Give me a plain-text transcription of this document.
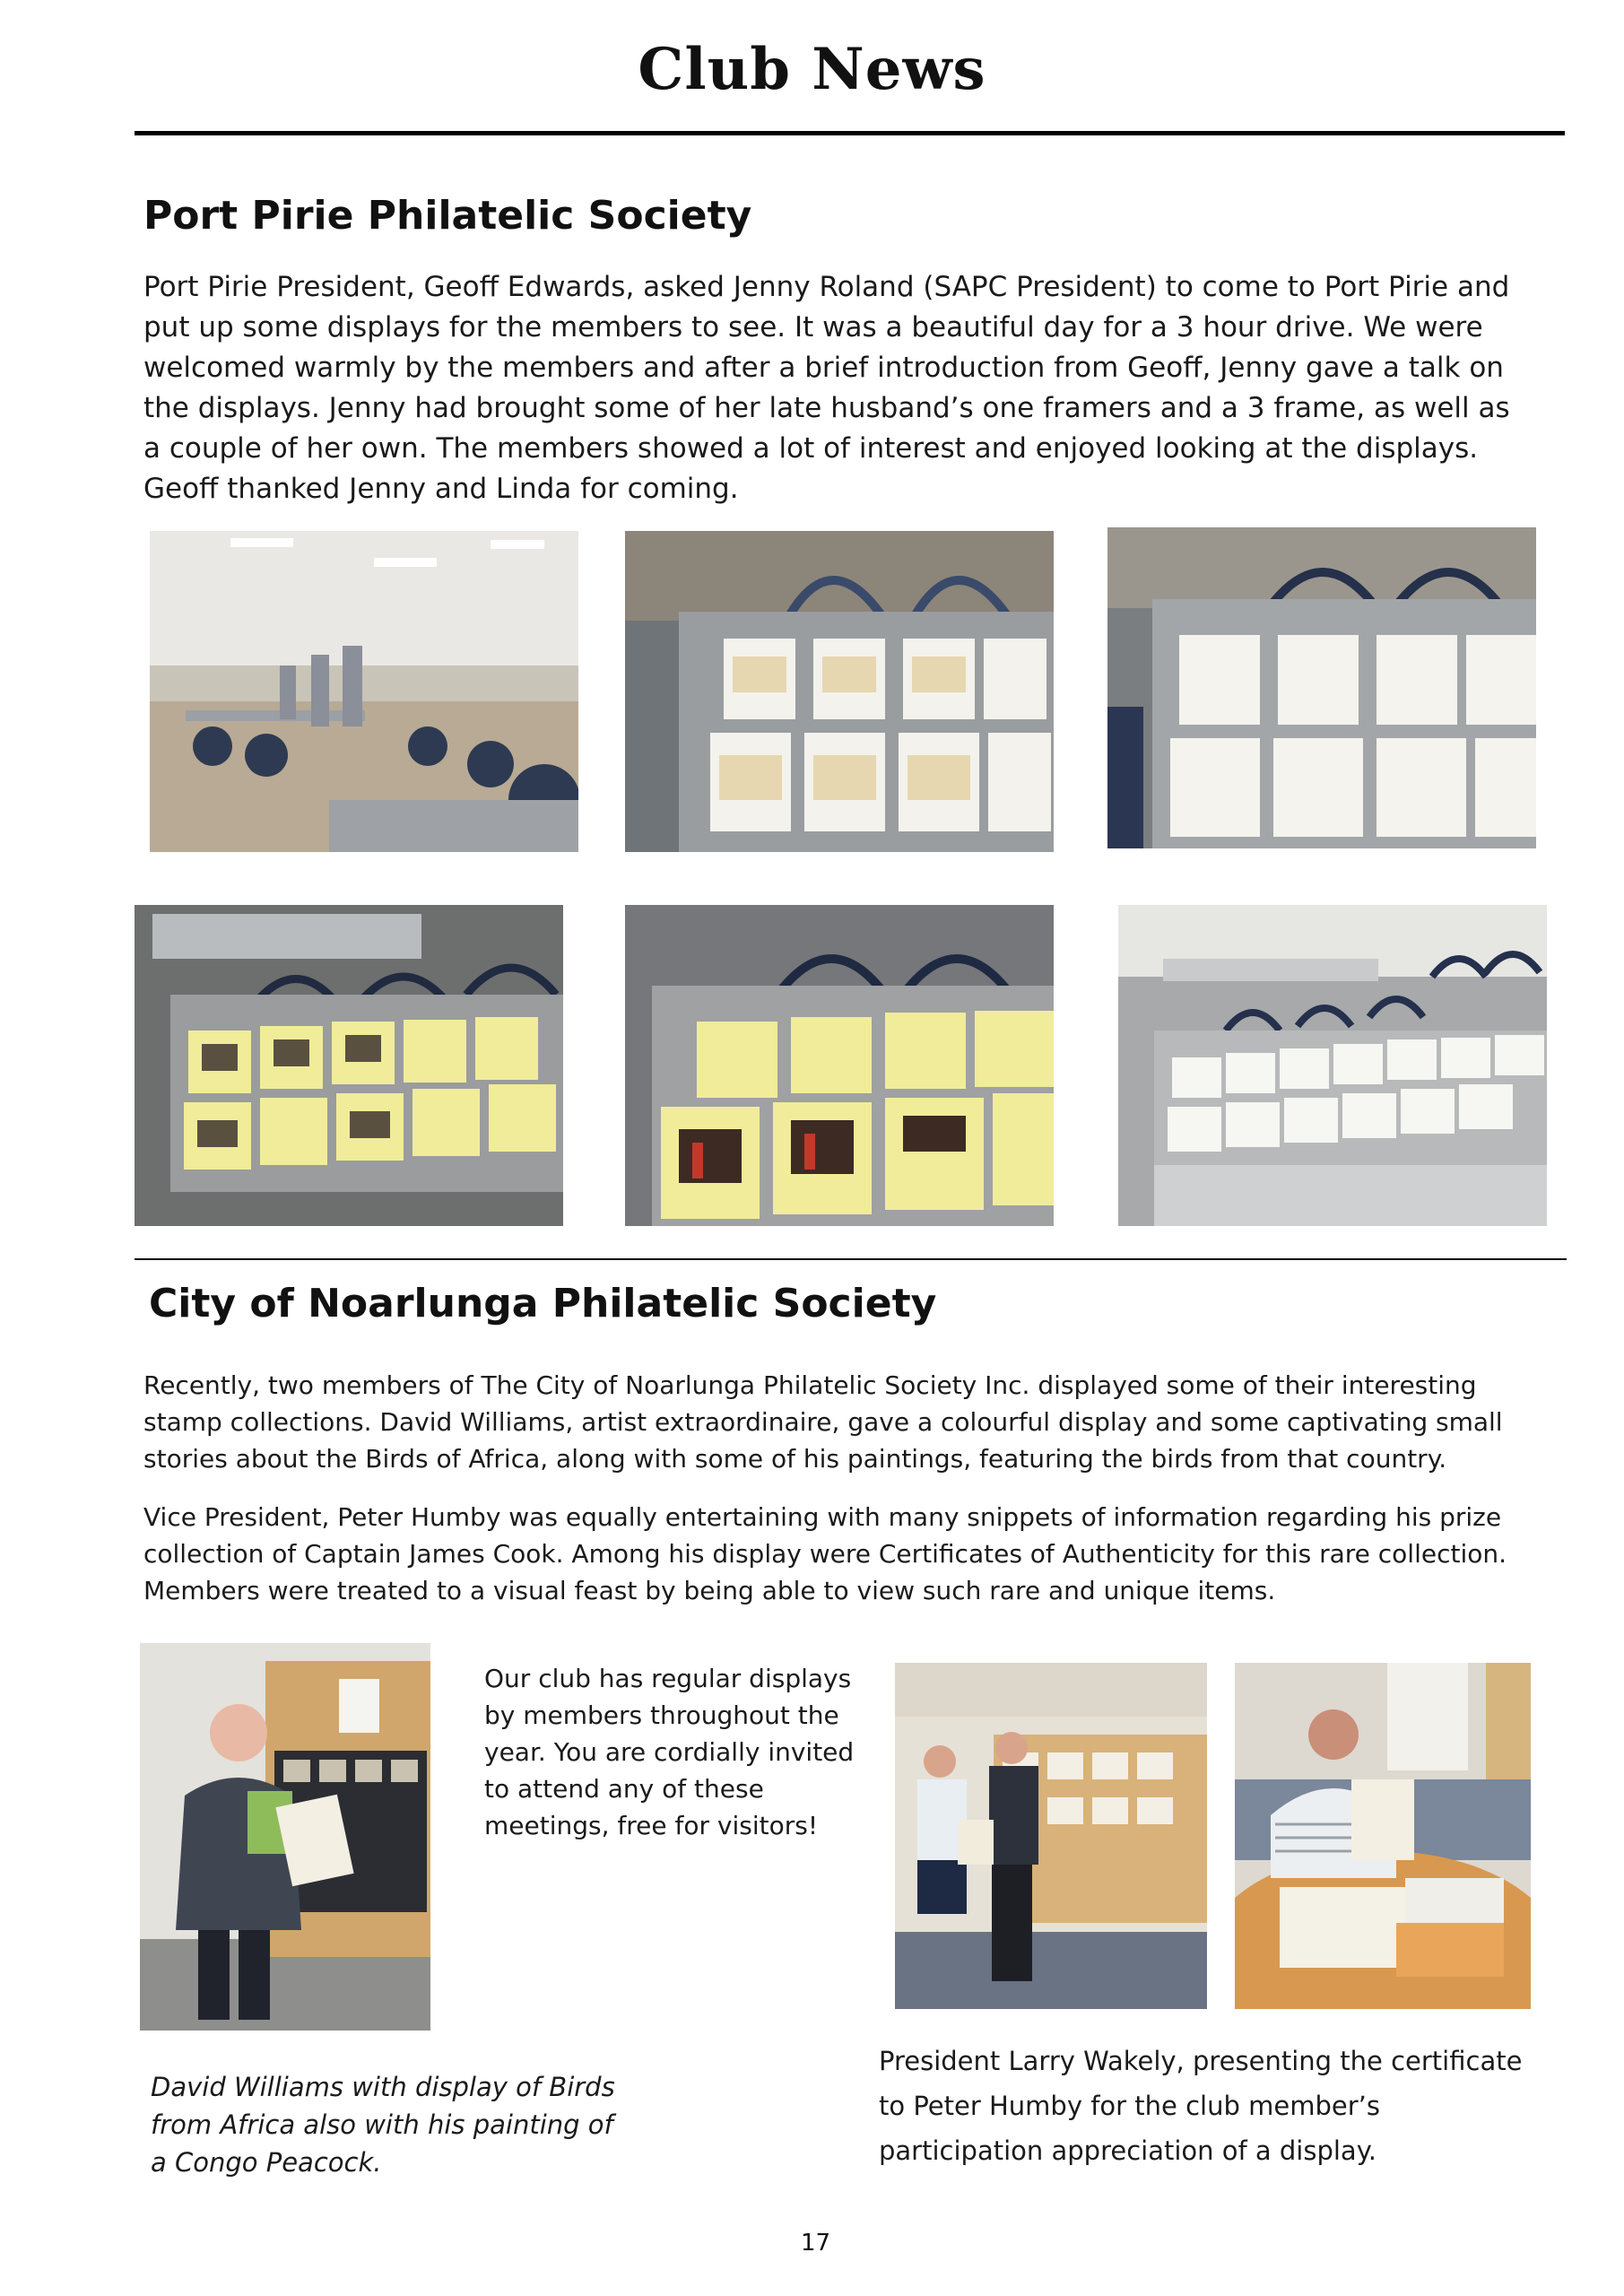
Club News
Port Pirie Philatelic Society

Port Pirie President, Geoff Edwards, asked Jenny Roland (SAPC President) to come to Port Pirie and put up some displays for the members to see. It was a beautiful day for a 3 hour drive. We were welcomed warmly by the members and after a brief introduction from Geoff, Jenny gave a talk on the displays. Jenny had brought some of her late husband’s one framers and a 3 frame, as well as a couple of her own. The members showed a lot of interest and enjoyed looking at the displays. Geoff thanked Jenny and Linda for coming.

City of Noarlunga Philatelic Society

Recently, two members of The City of Noarlunga Philatelic Society Inc. displayed some of their interesting stamp collections. David Williams, artist extraordinaire, gave a colourful display and some captivating small stories about the Birds of Africa, along with some of his paintings, featuring the birds from that country.

Vice President, Peter Humby was equally entertaining with many snippets of information regarding his prize collection of Captain James Cook. Among his display were Certificates of Authenticity for this rare collection. Members were treated to a visual feast by being able to view such rare and unique items.

Our club has regular displays by members throughout the year. You are cordially invited to attend any of these meetings, free for visitors!

David Williams with display of Birds from Africa also with his painting of a Congo Peacock.

President Larry Wakely, presenting the certificate to Peter Humby for the club member’s participation appreciation of a display.

17
